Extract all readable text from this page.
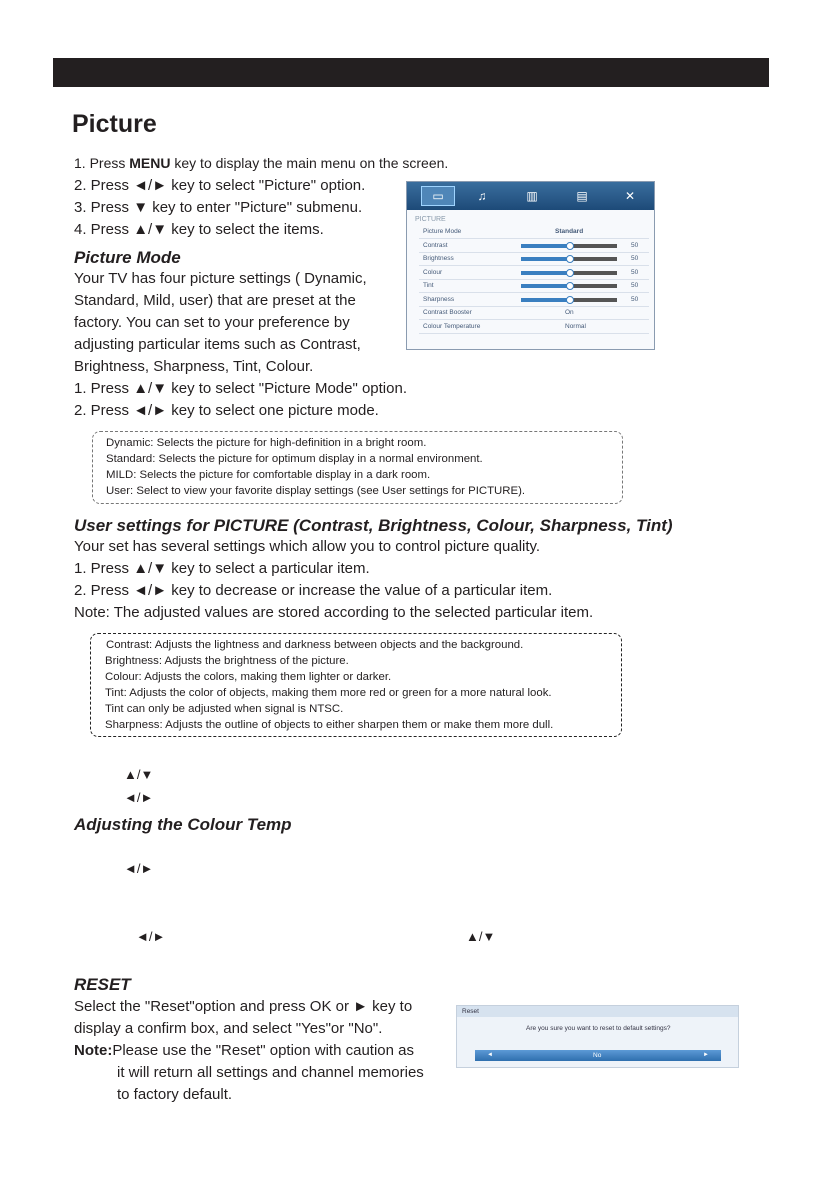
Picture
1. Press MENU key to display the main menu on the screen.
2. Press ◄/► key to select "Picture" option.
3. Press ▼ key to enter "Picture" submenu.
4. Press ▲/▼ key to select the items.
▭	♫	▥	▤	✕
PICTURE
Picture Mode	Standard
Contrast	50
Brightness	50
Colour	50
Tint	50
Sharpness	50
Contrast Booster	On
Colour Temperature	Normal
Picture Mode
Your TV has four picture settings ( Dynamic,
Standard, Mild, user) that are preset at the
factory. You can set to your preference by
adjusting particular items such as Contrast,
Brightness, Sharpness, Tint, Colour.
1. Press ▲/▼ key to select "Picture Mode" option.
2. Press ◄/► key to select one picture mode.
Dynamic: Selects the picture for high-definition in a bright room.
Standard: Selects the picture for optimum display in a normal environment.
MILD: Selects the picture for comfortable display in a dark room.
User: Select to view your favorite display settings (see User settings for PICTURE).
User settings for PICTURE (Contrast, Brightness, Colour, Sharpness, Tint)
Your set has several settings which allow you to control picture quality.
1. Press ▲/▼ key to select a particular item.
2. Press ◄/► key to decrease or increase the value of a particular item.
Note: The adjusted values are stored according to the selected particular item.
Contrast: Adjusts the lightness and darkness between objects and the background.
Brightness: Adjusts the brightness of the picture.
Colour: Adjusts the colors, making them lighter or darker.
Tint: Adjusts the color of objects, making them more red or green for a more natural look.
Tint can only be adjusted when signal is NTSC.
Sharpness: Adjusts the outline of objects to either sharpen them or make them more dull.
▲/▼
◄/►
Adjusting the Colour Temp
◄/►
◄/►	▲/▼
RESET
Select the "Reset"option and press OK or ► key to
display a confirm box, and select "Yes"or "No".
Note:Please use the "Reset" option with caution as
it will return all settings and channel memories
to factory default.
Reset
Are you sure you want to reset to default settings?
◄	No	►
